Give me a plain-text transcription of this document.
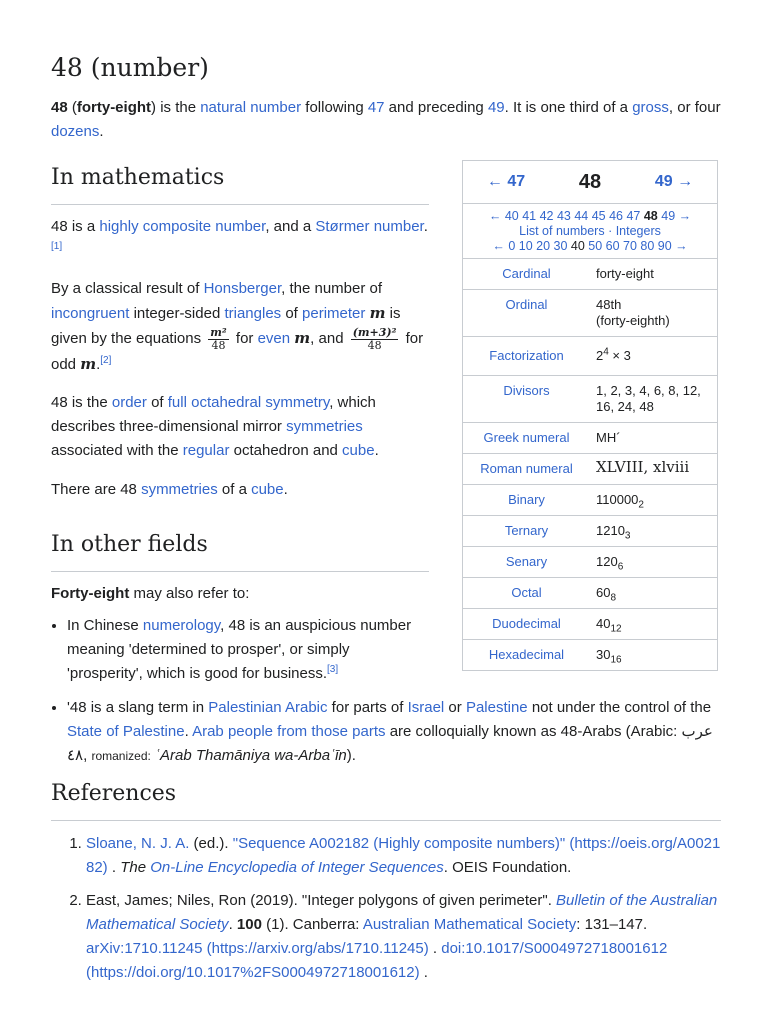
48 (number)

48 (forty-eight) is the natural number following 47 and preceding 49. It is one third of a gross, or four dozens.

In mathematics

48 is a highly composite number, and a Størmer number.[1]

By a classical result of Honsberger, the number of incongruent integer-sided triangles of perimeter m is given by the equations $\frac{\text{m²}}{48}$ for even m, and $\frac{\text{(m+3)²}}{48}$ for odd m.[2]

48 is the order of full octahedral symmetry, which describes three-dimensional mirror symmetries associated with the regular octahedron and cube.

There are 48 symmetries of a cube.

In other fields

Forty-eight may also refer to:

• In Chinese numerology, 48 is an auspicious number meaning 'determined to prosper', or simply 'prosperity', which is good for business.[3]
• '48 is a slang term in Palestinian Arabic for parts of Israel or Palestine not under the control of the State of Palestine. Arab people from those parts are colloquially known as 48-Arabs (Arabic: عرب ٤٨, romanized: ʿArab Thamāniya wa-Arbaʿīn).
References
1. Sloane, N. J. A. (ed.). "Sequence A002182 (Highly composite numbers)" (https://oeis.org/A002182) . The On-Line Encyclopedia of Integer Sequences. OEIS Foundation.
2. East, James; Niles, Ron (2019). "Integer polygons of given perimeter". Bulletin of the Australian Mathematical Society. 100 (1). Canberra: Australian Mathematical Society: 131–147. arXiv:1710.11245 (https://arxiv.org/abs/1710.11245) . doi:10.1017/S0004972718001612 (https://doi.org/10.1017%2FS0004972718001612) .
← 47	48	49 →
← 40 41 42 43 44 45 46 47 48 49 →
List of numbers · Integers
← 0 10 20 30 40 50 60 70 80 90 →
Cardinal	forty-eight
Ordinal	48th
(forty-eighth)
Factorization	$2^4 \times 3$
Divisors	1, 2, 3, 4, 6, 8, 12, 16, 24, 48
Greek numeral	ΜΗ´
Roman numeral	XLVIII, xlviii
Binary	$110000_2$
Ternary	$1210_3$
Senary	$120_6$
Octal	$60_8$
Duodecimal	$40_{12}$
Hexadecimal	$30_{16}$
